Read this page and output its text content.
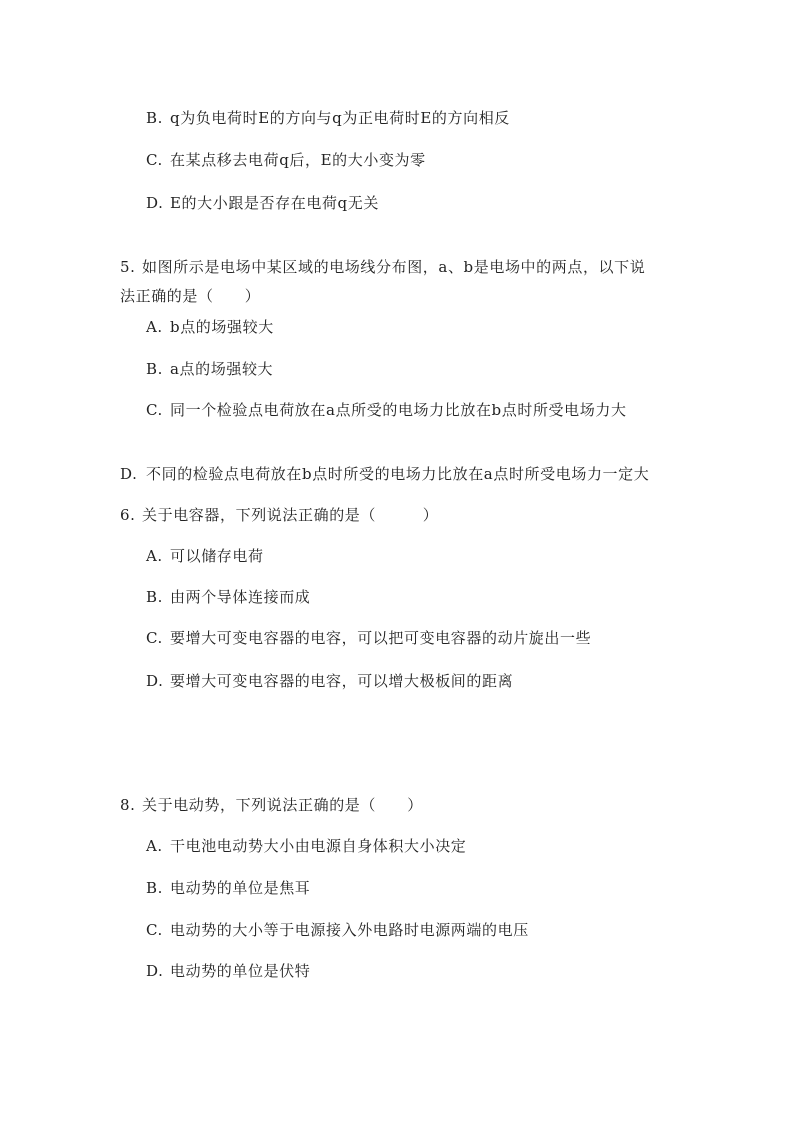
B. q为负电荷时E的方向与q为正电荷时E的方向相反
C. 在某点移去电荷q后，E的大小变为零
D. E的大小跟是否存在电荷q无关
5. 如图所示是电场中某区域的电场线分布图，a、b是电场中的两点，以下说
法正确的是（　　）
A. b点的场强较大
B. a点的场强较大
C. 同一个检验点电荷放在a点所受的电场力比放在b点时所受电场力大
D. 不同的检验点电荷放在b点时所受的电场力比放在a点时所受电场力一定大
6. 关于电容器，下列说法正确的是（　　　）
A. 可以储存电荷
B. 由两个导体连接而成
C. 要增大可变电容器的电容，可以把可变电容器的动片旋出一些
D. 要增大可变电容器的电容，可以增大极板间的距离
8. 关于电动势，下列说法正确的是（　　）
A. 干电池电动势大小由电源自身体积大小决定
B. 电动势的单位是焦耳
C. 电动势的大小等于电源接入外电路时电源两端的电压
D. 电动势的单位是伏特
